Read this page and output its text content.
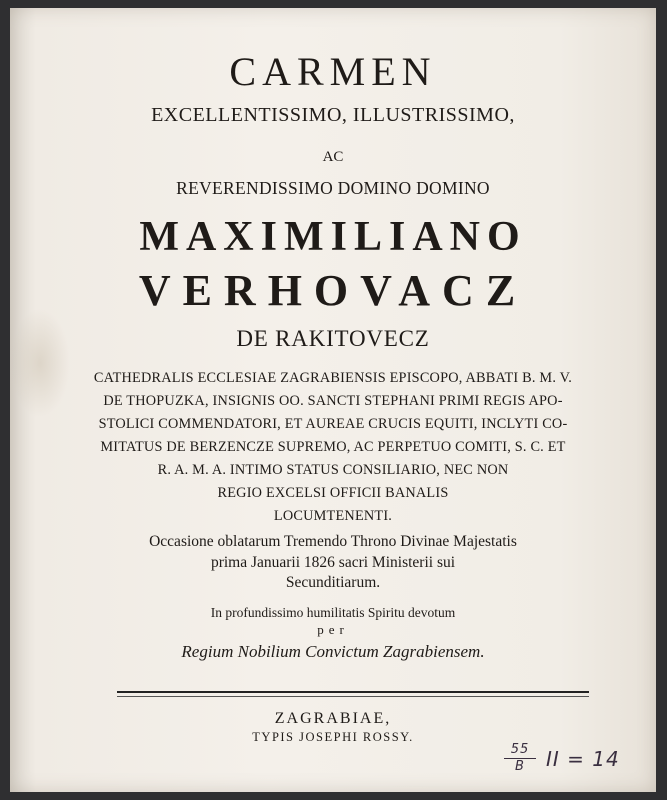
CARMEN
EXCELLENTISSIMO, ILLUSTRISSIMO,
AC
REVERENDISSIMO DOMINO DOMINO
MAXIMILIANO
VERHOVACZ
DE RAKITOVECZ
CATHEDRALIS ECCLESIAE ZAGRABIENSIS EPISCOPO, ABBATI B. M. V.
DE THOPUZKA, INSIGNIS OO. SANCTI STEPHANI PRIMI REGIS APO-
STOLICI COMMENDATORI, ET AUREAE CRUCIS EQUITI, INCLYTI CO-
MITATUS DE BERZENCZE SUPREMO, AC PERPETUO COMITI, S. C. ET
R. A. M. A. INTIMO STATUS CONSILIARIO, NEC NON
REGIO EXCELSI OFFICII BANALIS
LOCUMTENENTI.
Occasione oblatarum Tremendo Throno Divinae Majestatis
prima Januarii 1826 sacri Ministerii sui
Secunditiarum.
In profundissimo humilitatis Spiritu devotum
per
Regium Nobilium Convictum Zagrabiensem.
ZAGRABIAE,
TYPIS JOSEPHI ROSSY.
55
B	II = 14
